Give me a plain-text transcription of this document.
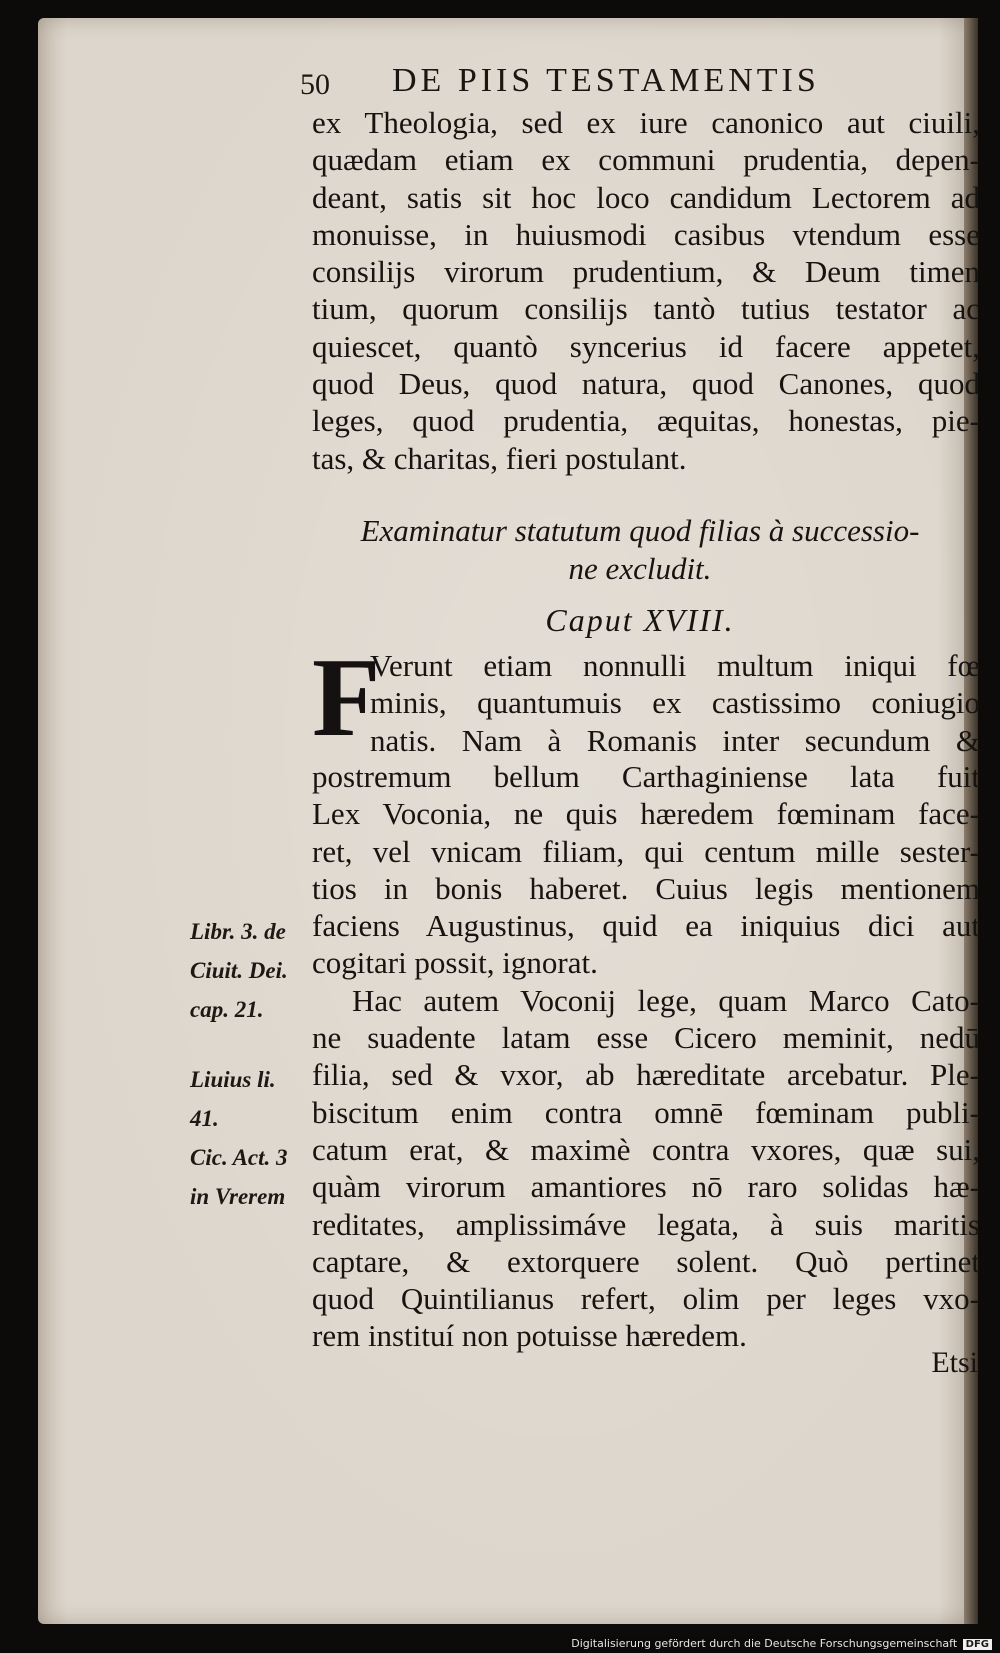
50 DE PIIS TESTAMENTIS
ex Theologia, sed ex iure canonico aut ciuili,
quædam etiam ex communi prudentia, depen-
deant, satis sit hoc loco candidum Lectorem ad
monuisse, in huiusmodi casibus vtendum esse
consilijs virorum prudentium, & Deum timen
tium, quorum consilijs tantò tutius testator ac
quiescet, quantò syncerius id facere appetet,
quod Deus, quod natura, quod Canones, quod
leges, quod prudentia, æquitas, honestas, pie-
tas, & charitas, fieri postulant.
Examinatur statutum quod filias à successio-
ne excludit.
Caput XVIII.
F
Verunt etiam nonnulli multum iniqui fœ
minis, quantumuis ex castissimo coniugio
natis. Nam à Romanis inter secundum &
postremum bellum Carthaginiense lata fuit
Lex Voconia, ne quis hæredem fœminam face-
ret, vel vnicam filiam, qui centum mille sester-
tios in bonis haberet. Cuius legis mentionem
faciens Augustinus, quid ea iniquius dici aut
cogitari possit, ignorat.
Hac autem Voconij lege, quam Marco Cato-
ne suadente latam esse Cicero meminit, nedū
filia, sed & vxor, ab hæreditate arcebatur. Ple-
biscitum enim contra omnē fœminam publi-
catum erat, & maximè contra vxores, quæ sui,
quàm virorum amantiores nō raro solidas hæ-
reditates, amplissimáve legata, à suis maritis
captare, & extorquere solent. Quò pertinet
quod Quintilianus refert, olim per leges vxo-
rem instituí non potuisse hæredem.
Libr. 3. de
Ciuit. Dei.
cap. 21.
Liuius li.
41.
Cic. Act. 3
in Vrerem
Etsi
Digitalisierung gefördert durch die Deutsche Forschungsgemeinschaft DFG
